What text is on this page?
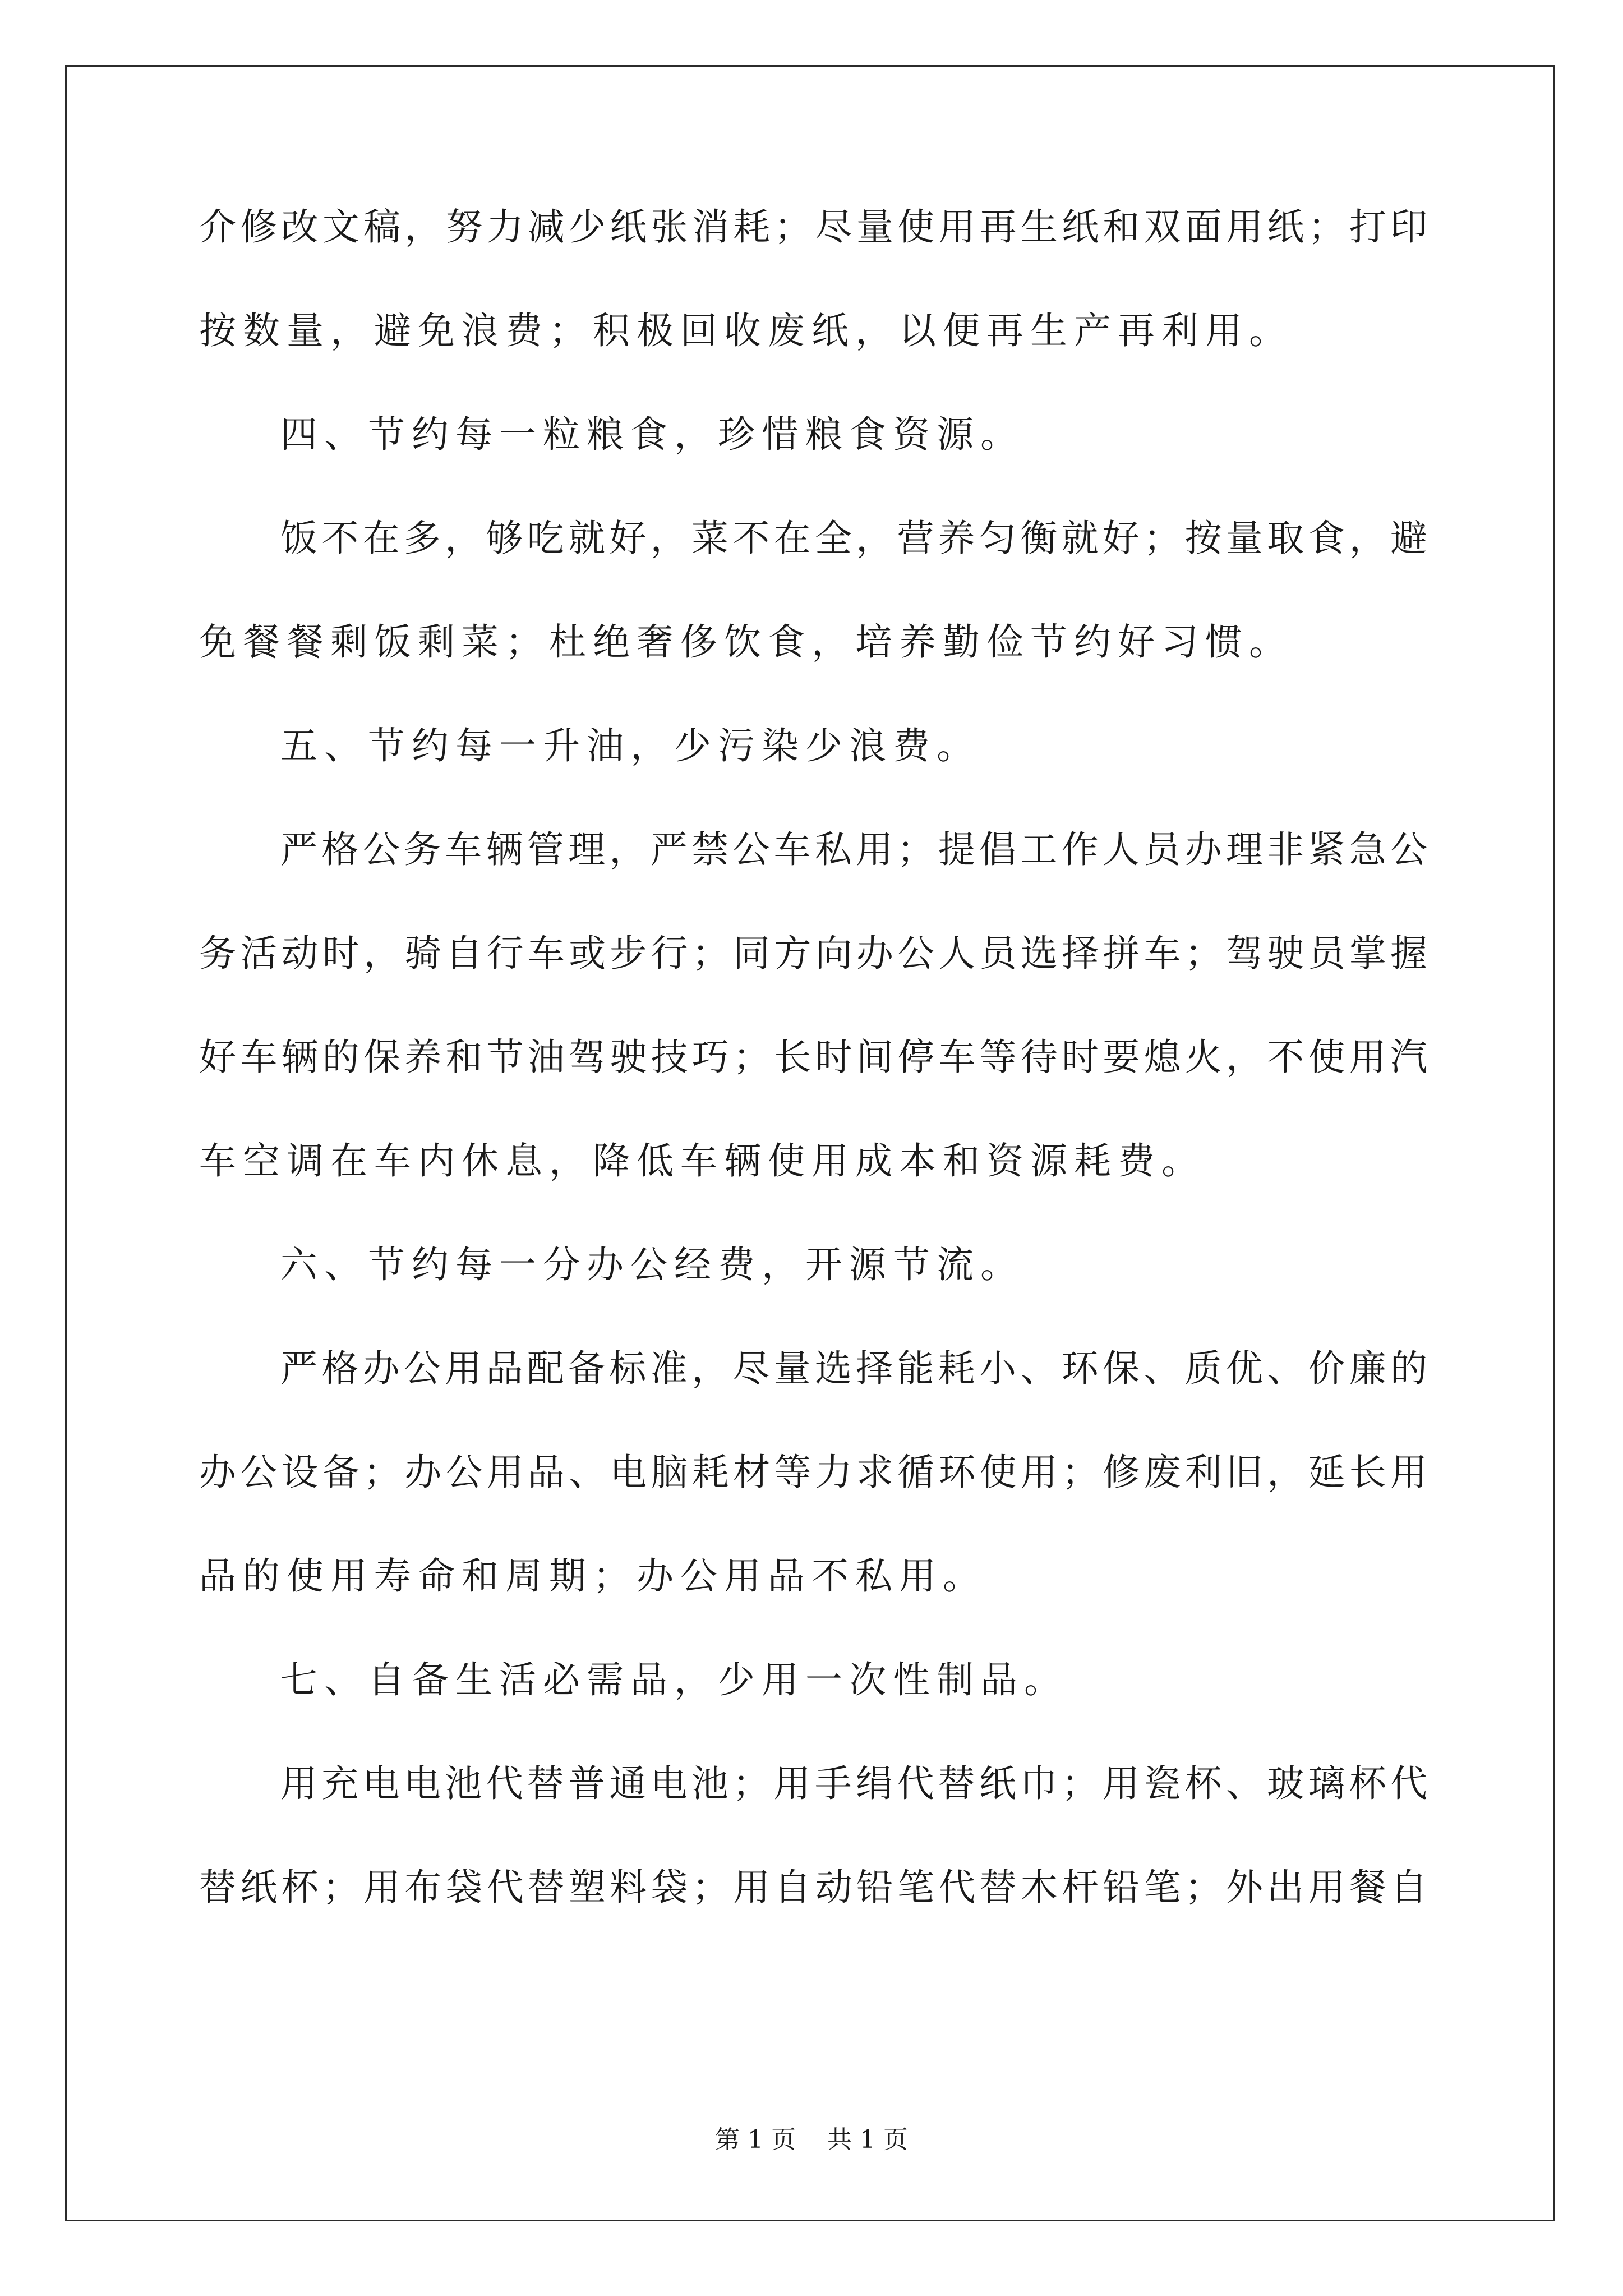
介修改文稿，努力减少纸张消耗；尽量使用再生纸和双面用纸；打印
按数量，避免浪费；积极回收废纸，以便再生产再利用。
四、节约每一粒粮食，珍惜粮食资源。
饭不在多，够吃就好，菜不在全，营养匀衡就好；按量取食，避
免餐餐剩饭剩菜；杜绝奢侈饮食，培养勤俭节约好习惯。
五、节约每一升油，少污染少浪费。
严格公务车辆管理，严禁公车私用；提倡工作人员办理非紧急公
务活动时，骑自行车或步行；同方向办公人员选择拼车；驾驶员掌握
好车辆的保养和节油驾驶技巧；长时间停车等待时要熄火，不使用汽
车空调在车内休息，降低车辆使用成本和资源耗费。
六、节约每一分办公经费，开源节流。
严格办公用品配备标准，尽量选择能耗小、环保、质优、价廉的
办公设备；办公用品、电脑耗材等力求循环使用；修废利旧，延长用
品的使用寿命和周期；办公用品不私用。
七、自备生活必需品，少用一次性制品。
用充电电池代替普通电池；用手绢代替纸巾；用瓷杯、玻璃杯代
替纸杯；用布袋代替塑料袋；用自动铅笔代替木杆铅笔；外出用餐自
第 1 页    共 1 页
